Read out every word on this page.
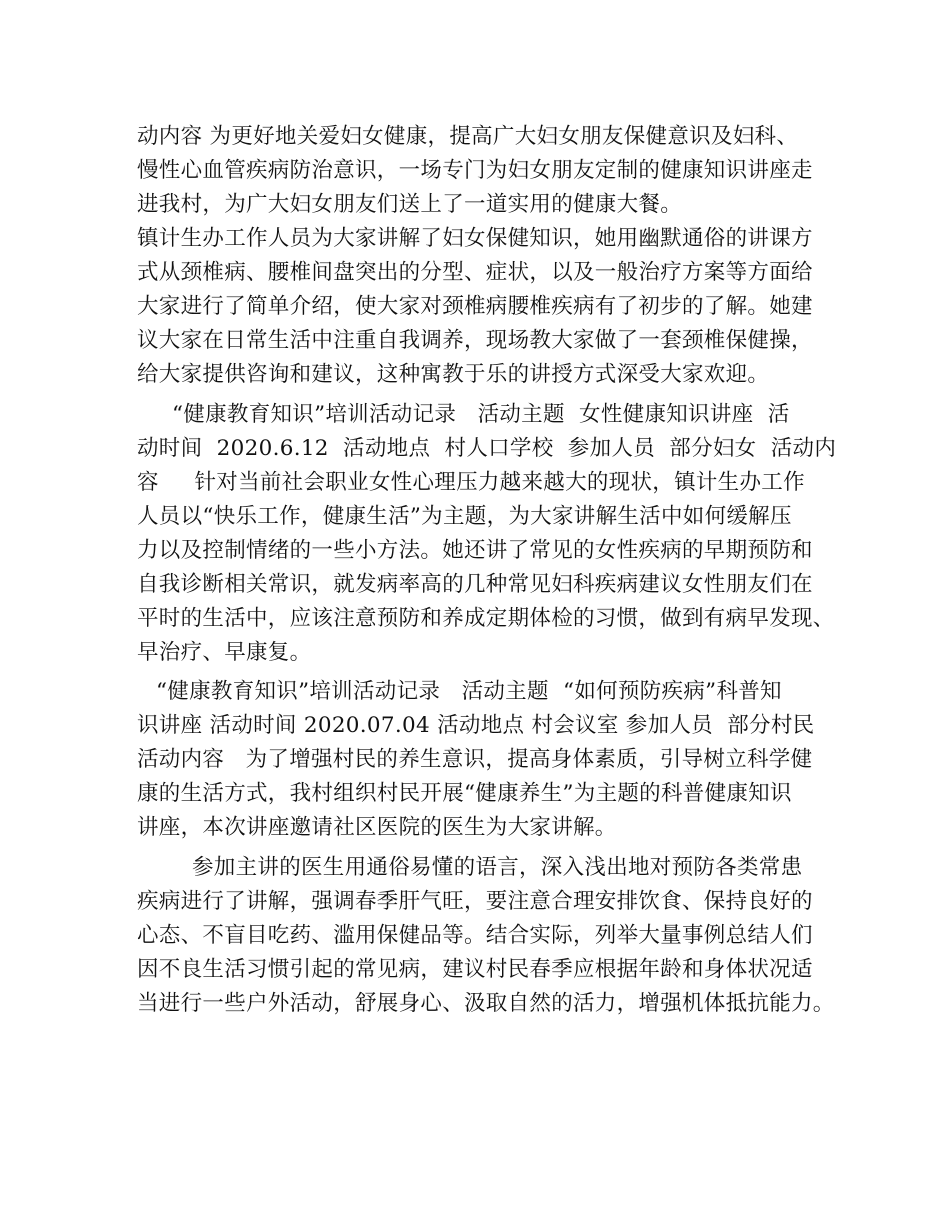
动内容 为更好地关爱妇女健康，提高广大妇女朋友保健意识及妇科、
慢性心血管疾病防治意识，一场专门为妇女朋友定制的健康知识讲座走
进我村，为广大妇女朋友们送上了一道实用的健康大餐。
镇计生办工作人员为大家讲解了妇女保健知识，她用幽默通俗的讲课方
式从颈椎病、腰椎间盘突出的分型、症状，以及一般治疗方案等方面给
大家进行了简单介绍，使大家对颈椎病腰椎疾病有了初步的了解。她建
议大家在日常生活中注重自我调养，现场教大家做了一套颈椎保健操，
给大家提供咨询和建议，这种寓教于乐的讲授方式深受大家欢迎。
“健康教育知识”培训活动记录   活动主题  女性健康知识讲座  活
动时间  2020.6.12  活动地点  村人口学校  参加人员  部分妇女  活动内
容     针对当前社会职业女性心理压力越来越大的现状，镇计生办工作
人员以“快乐工作，健康生活”为主题，为大家讲解生活中如何缓解压
力以及控制情绪的一些小方法。她还讲了常见的女性疾病的早期预防和
自我诊断相关常识，就发病率高的几种常见妇科疾病建议女性朋友们在
平时的生活中，应该注意预防和养成定期体检的习惯，做到有病早发现、
早治疗、早康复。
“健康教育知识”培训活动记录   活动主题  “如何预防疾病”科普知
识讲座 活动时间 2020.07.04 活动地点 村会议室 参加人员  部分村民
活动内容   为了增强村民的养生意识，提高身体素质，引导树立科学健
康的生活方式，我村组织村民开展“健康养生”为主题的科普健康知识
讲座，本次讲座邀请社区医院的医生为大家讲解。
参加主讲的医生用通俗易懂的语言，深入浅出地对预防各类常患
疾病进行了讲解，强调春季肝气旺，要注意合理安排饮食、保持良好的
心态、不盲目吃药、滥用保健品等。结合实际，列举大量事例总结人们
因不良生活习惯引起的常见病，建议村民春季应根据年龄和身体状况适
当进行一些户外活动，舒展身心、汲取自然的活力，增强机体抵抗能力。
